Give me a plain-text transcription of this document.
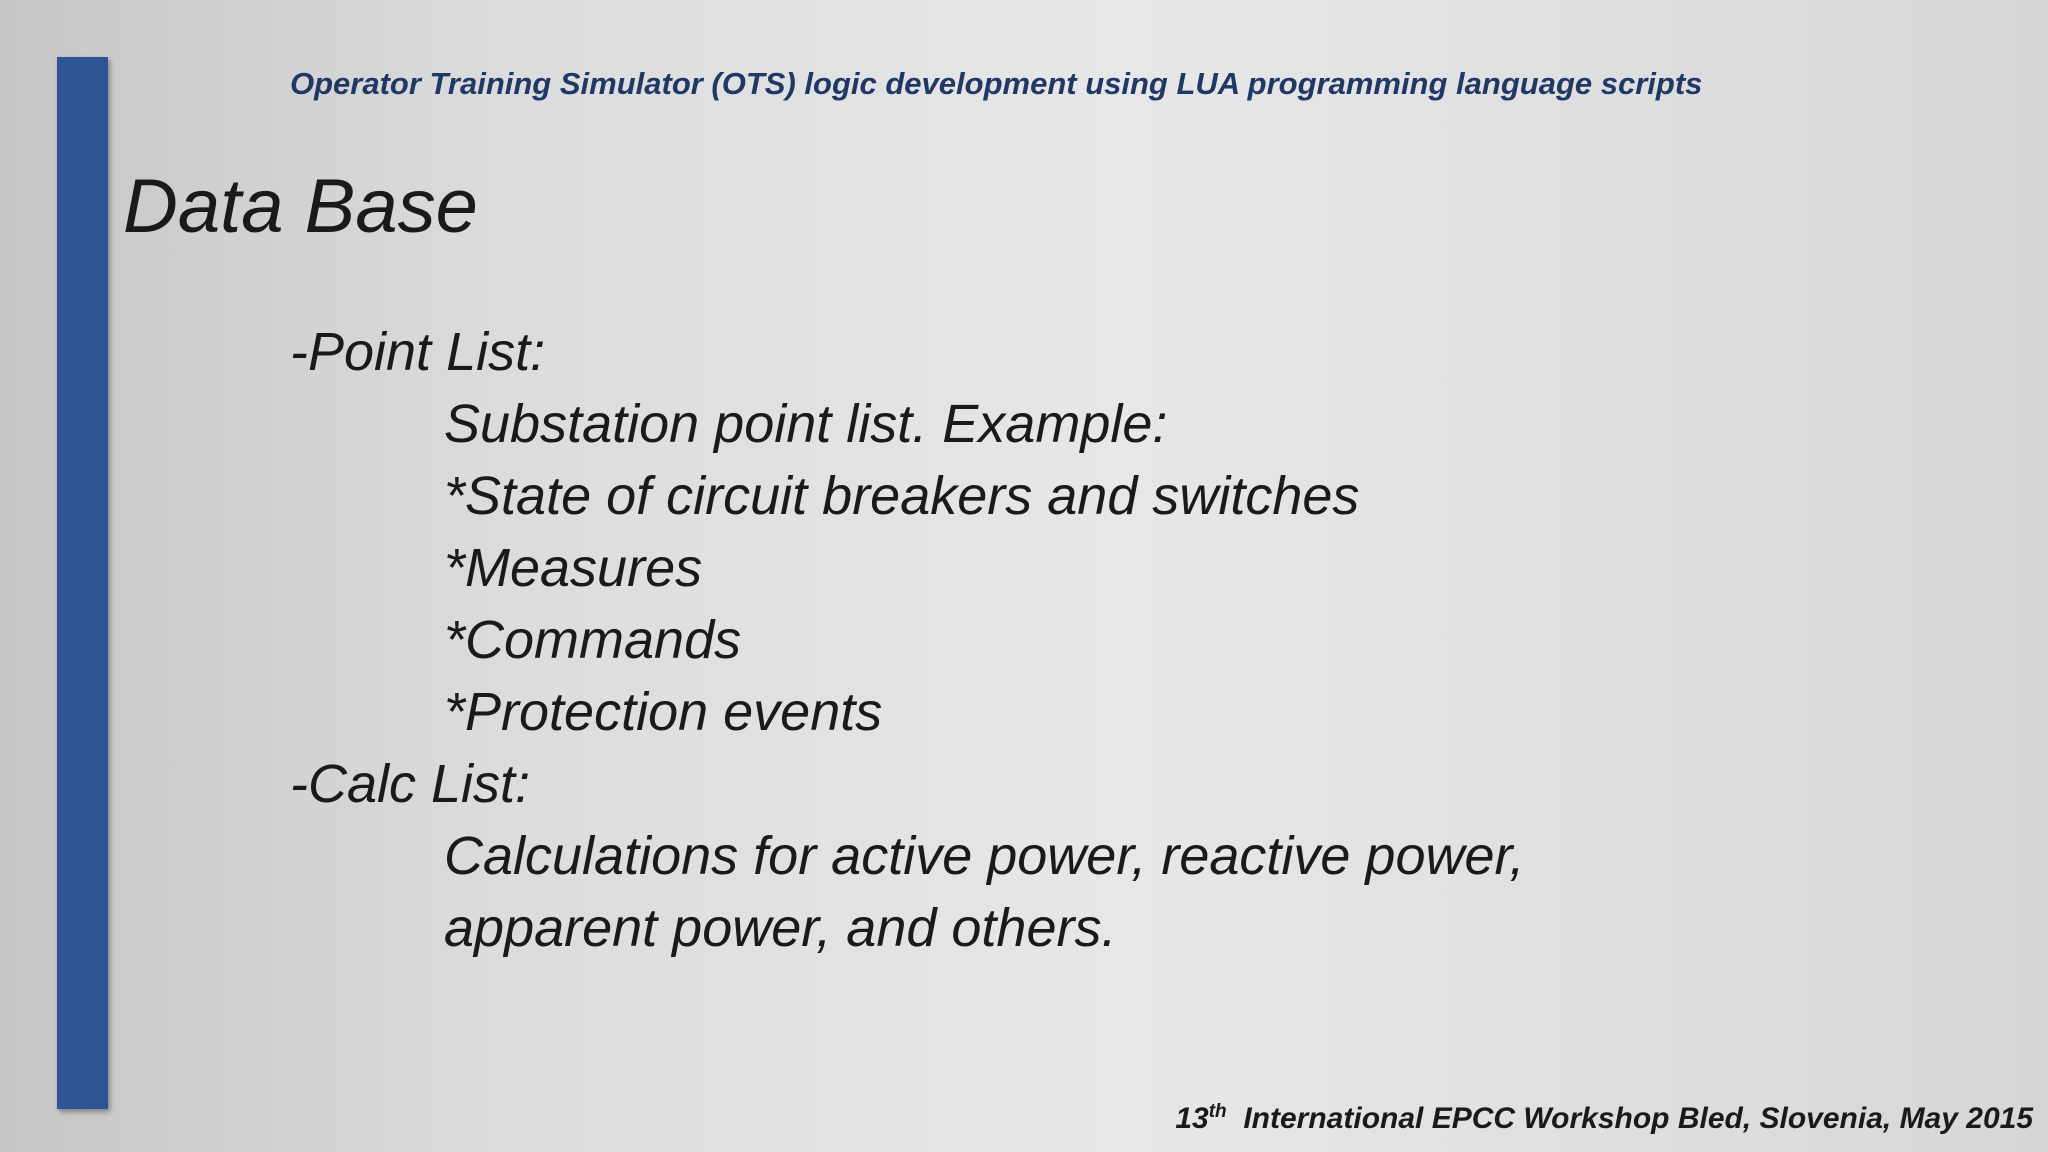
Operator Training Simulator (OTS) logic development using LUA programming language scripts
Data Base
-Point List:
Substation point list. Example:
*State of circuit breakers and switches
*Measures
*Commands
*Protection events
-Calc List:
Calculations for active power, reactive power,
apparent power, and others.
13th International EPCC Workshop Bled, Slovenia, May 2015
